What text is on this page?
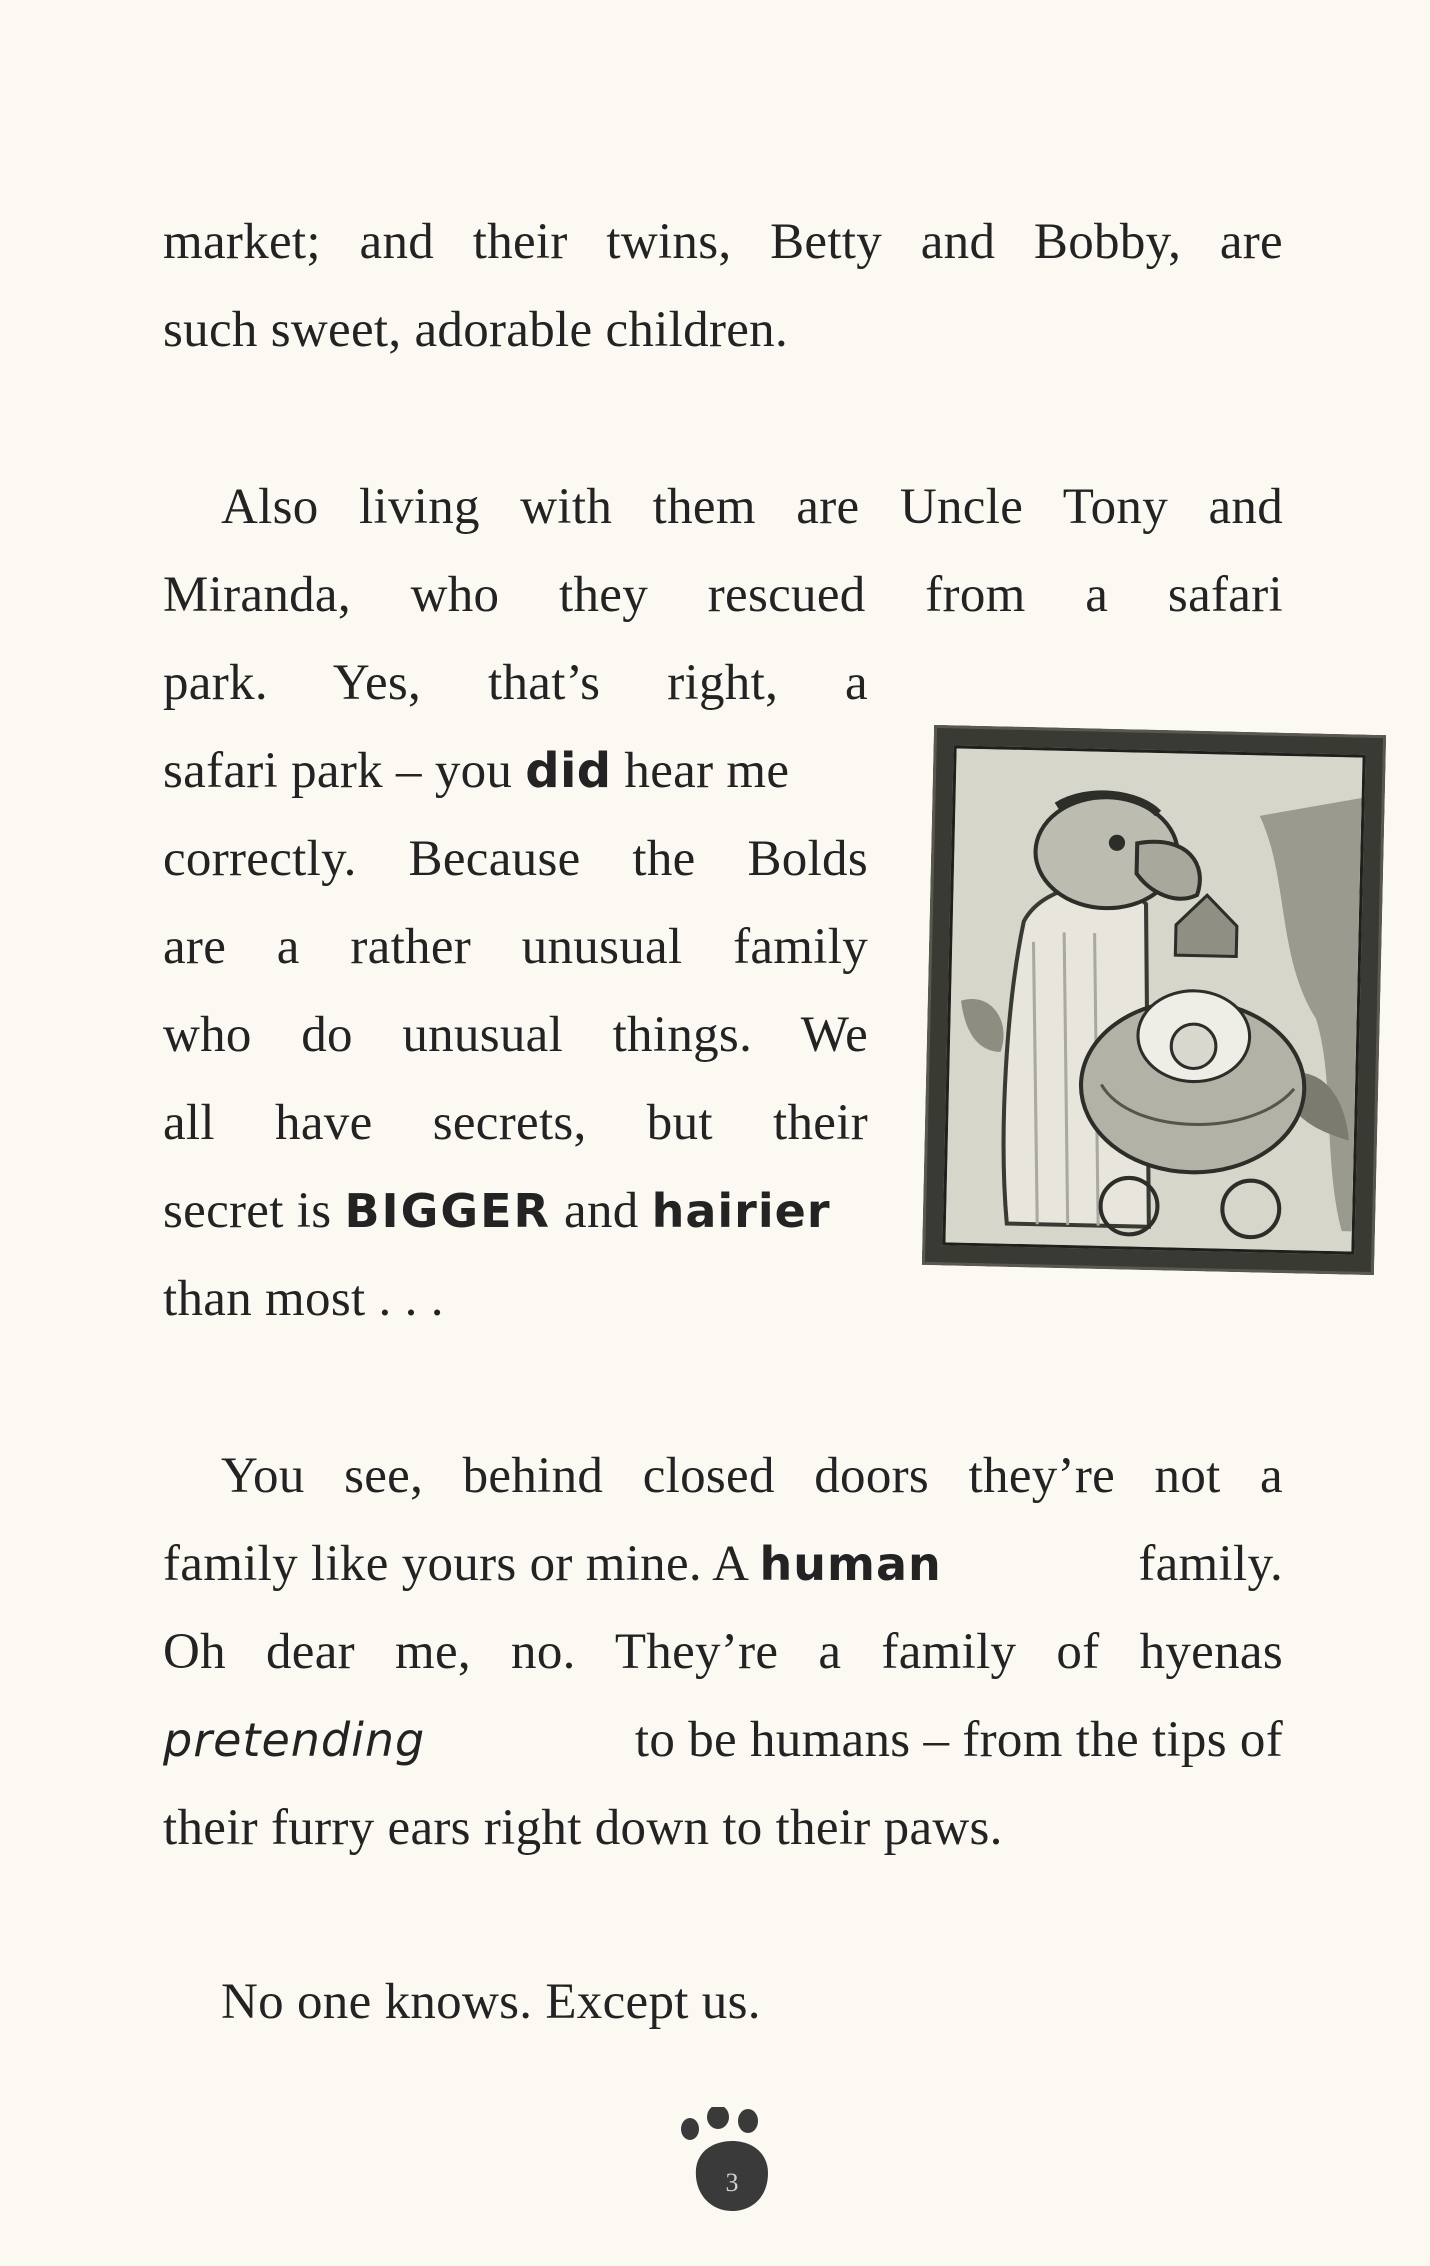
market; and their twins, Betty and Bobby, are
such sweet, adorable children.
Also living with them are Uncle Tony and
Miranda, who they rescued from a safari
park. Yes, that’s right, a
safari park – you did hear me
correctly. Because the Bolds
are a rather unusual family
who do unusual things. We
all have secrets, but their
secret is BIGGER and hairier
than most . . .
You see, behind closed doors they’re not a
family like yours or mine. A human	family.
Oh dear me, no. They’re a family of hyenas
pretending	to be humans – from the tips of
their furry ears right down to their paws.
No one knows. Except us.
3
